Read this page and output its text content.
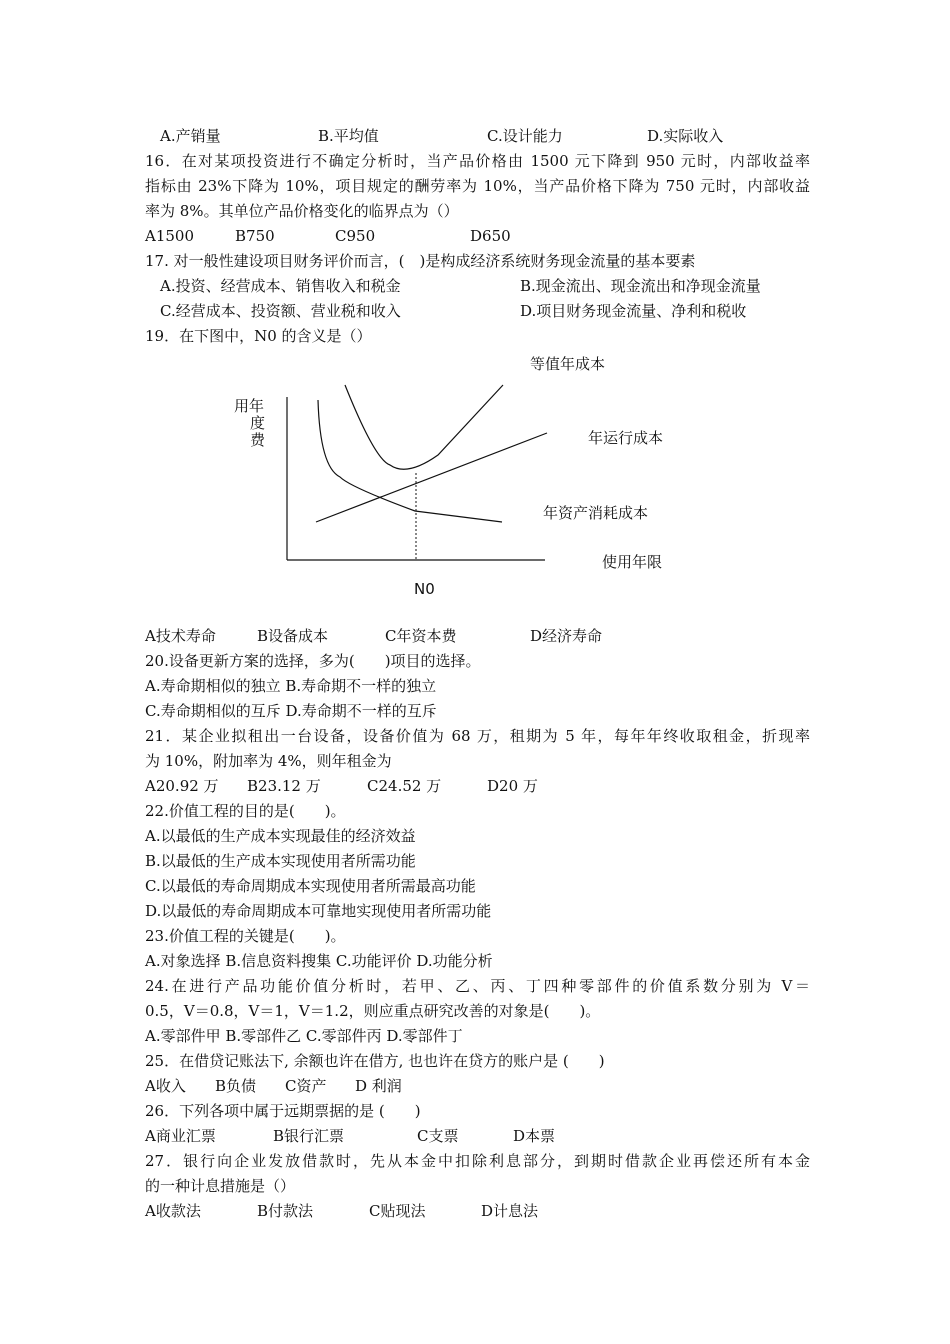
A.产销量	B.平均值	C.设计能力	D.实际收入
16．在对某项投资进行不确定分析时，当产品价格由 1500 元下降到 950 元时，内部收益率
指标由 23%下降为 10%，项目规定的酬劳率为 10%，当产品价格下降为 750 元时，内部收益
率为 8%。其单位产品价格变化的临界点为（）
A1500	B750	C950	D650
17. 对一般性建设项目财务评价而言，(　)是构成经济系统财务现金流量的基本要素
A.投资、经营成本、销售收入和税金	B.现金流出、现金流出和净现金流量
C.经营成本、投资额、营业税和收入	D.项目财务现金流量、净利和税收
19．在下图中，N0 的含义是（）
A技术寿命	B设备成本	C年资本费	D经济寿命
20.设备更新方案的选择，多为(　　)项目的选择。
A.寿命期相似的独立 B.寿命期不一样的独立
C.寿命期相似的互斥 D.寿命期不一样的互斥
21．某企业拟租出一台设备，设备价值为 68 万，租期为 5 年，每年年终收取租金，折现率
为 10%，附加率为 4%，则年租金为
A20.92 万 B23.12 万	C24.52 万	D20 万
22.价值工程的目的是(　　)。
A.以最低的生产成本实现最佳的经济效益
B.以最低的生产成本实现使用者所需功能
C.以最低的寿命周期成本实现使用者所需最高功能
D.以最低的寿命周期成本可靠地实现使用者所需功能
23.价值工程的关键是(　　)。
A.对象选择 B.信息资料搜集 C.功能评价 D.功能分析
24.在进行产品功能价值分析时，若甲、乙、丙、丁四种零部件的价值系数分别为 V＝
0.5，V＝0.8，V＝1，V＝1.2，则应重点研究改善的对象是(　　)。
A.零部件甲 B.零部件乙 C.零部件丙 D.零部件丁
25．在借贷记账法下, 余额也许在借方, 也也许在贷方的账户是 (　　)
A收入 B负债 C资产 D 利润
26．下列各项中属于远期票据的是 (　　)
A商业汇票	B银行汇票	C支票	D本票
27．银行向企业发放借款时，先从本金中扣除利息部分，到期时借款企业再偿还所有本金
的一种计息措施是（）
A收款法	B付款法	C贴现法	D计息法
等值年成本
用年
度
费	年运行成本
年资产消耗成本
使用年限
N0
